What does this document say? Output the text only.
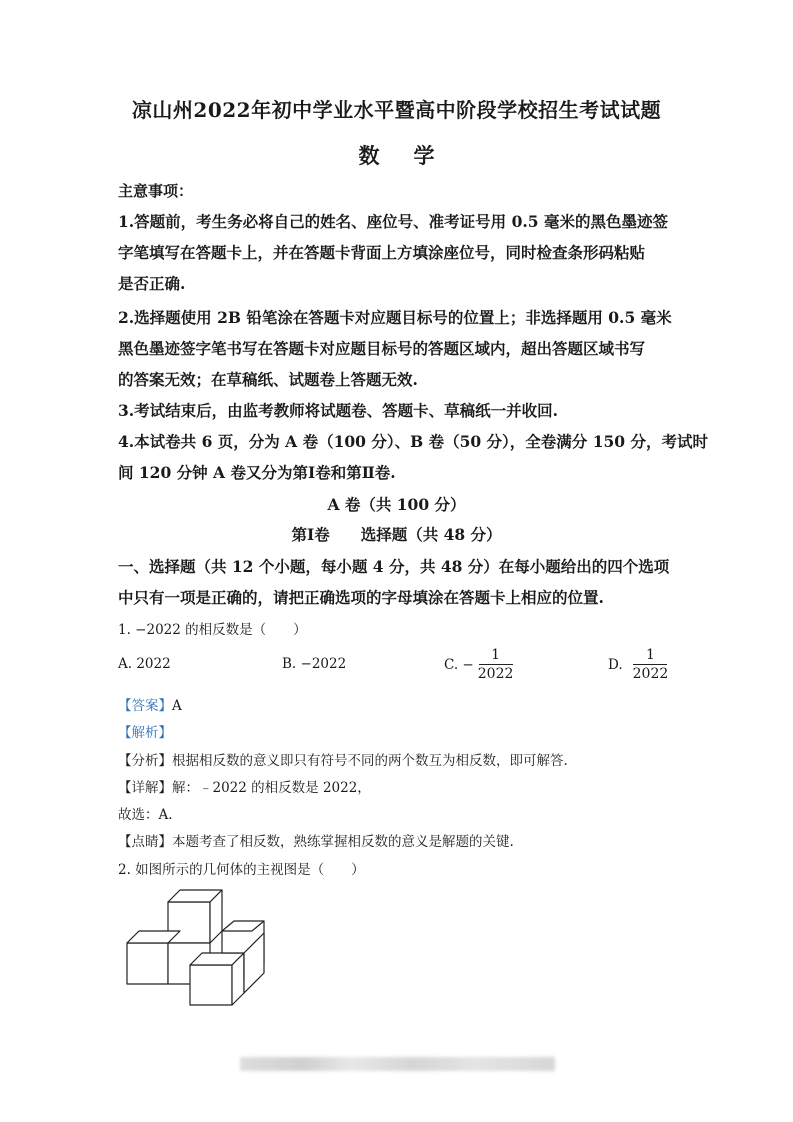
凉山州2022年初中学业水平暨高中阶段学校招生考试试题
数学
主意事项：
1.答题前，考生务必将自己的姓名、座位号、准考证号用 0.5 毫米的黑色墨迹签
字笔填写在答题卡上，并在答题卡背面上方填涂座位号，同时检查条形码粘贴
是否正确.
2.选择题使用 2B 铅笔涂在答题卡对应题目标号的位置上；非选择题用 0.5 毫米
黑色墨迹签字笔书写在答题卡对应题目标号的答题区域内，超出答题区域书写
的答案无效；在草稿纸、试题卷上答题无效.
3.考试结束后，由监考教师将试题卷、答题卡、草稿纸一并收回.
4.本试卷共 6 页，分为 A 卷（100 分）、B 卷（50 分），全卷满分 150 分，考试时
间 120 分钟 A 卷又分为第Ⅰ卷和第Ⅱ卷.
A 卷（共 100 分）
第Ⅰ卷　　选择题（共 48 分）
一、选择题（共 12 个小题，每小题 4 分，共 48 分）在每小题给出的四个选项
中只有一项是正确的，请把正确选项的字母填涂在答题卡上相应的位置.
1. −2022 的相反数是（　　）
A. 2022	B. −2022	C. − $\frac{1}{2022}$	D. $\frac{1}{2022}$
【答案】A
【解析】
【分析】根据相反数的意义即只有符号不同的两个数互为相反数，即可解答.
【详解】解：﹣2022 的相反数是 2022，
故选：A.
【点睛】本题考查了相反数，熟练掌握相反数的意义是解题的关键.
2. 如图所示的几何体的主视图是（　　）
